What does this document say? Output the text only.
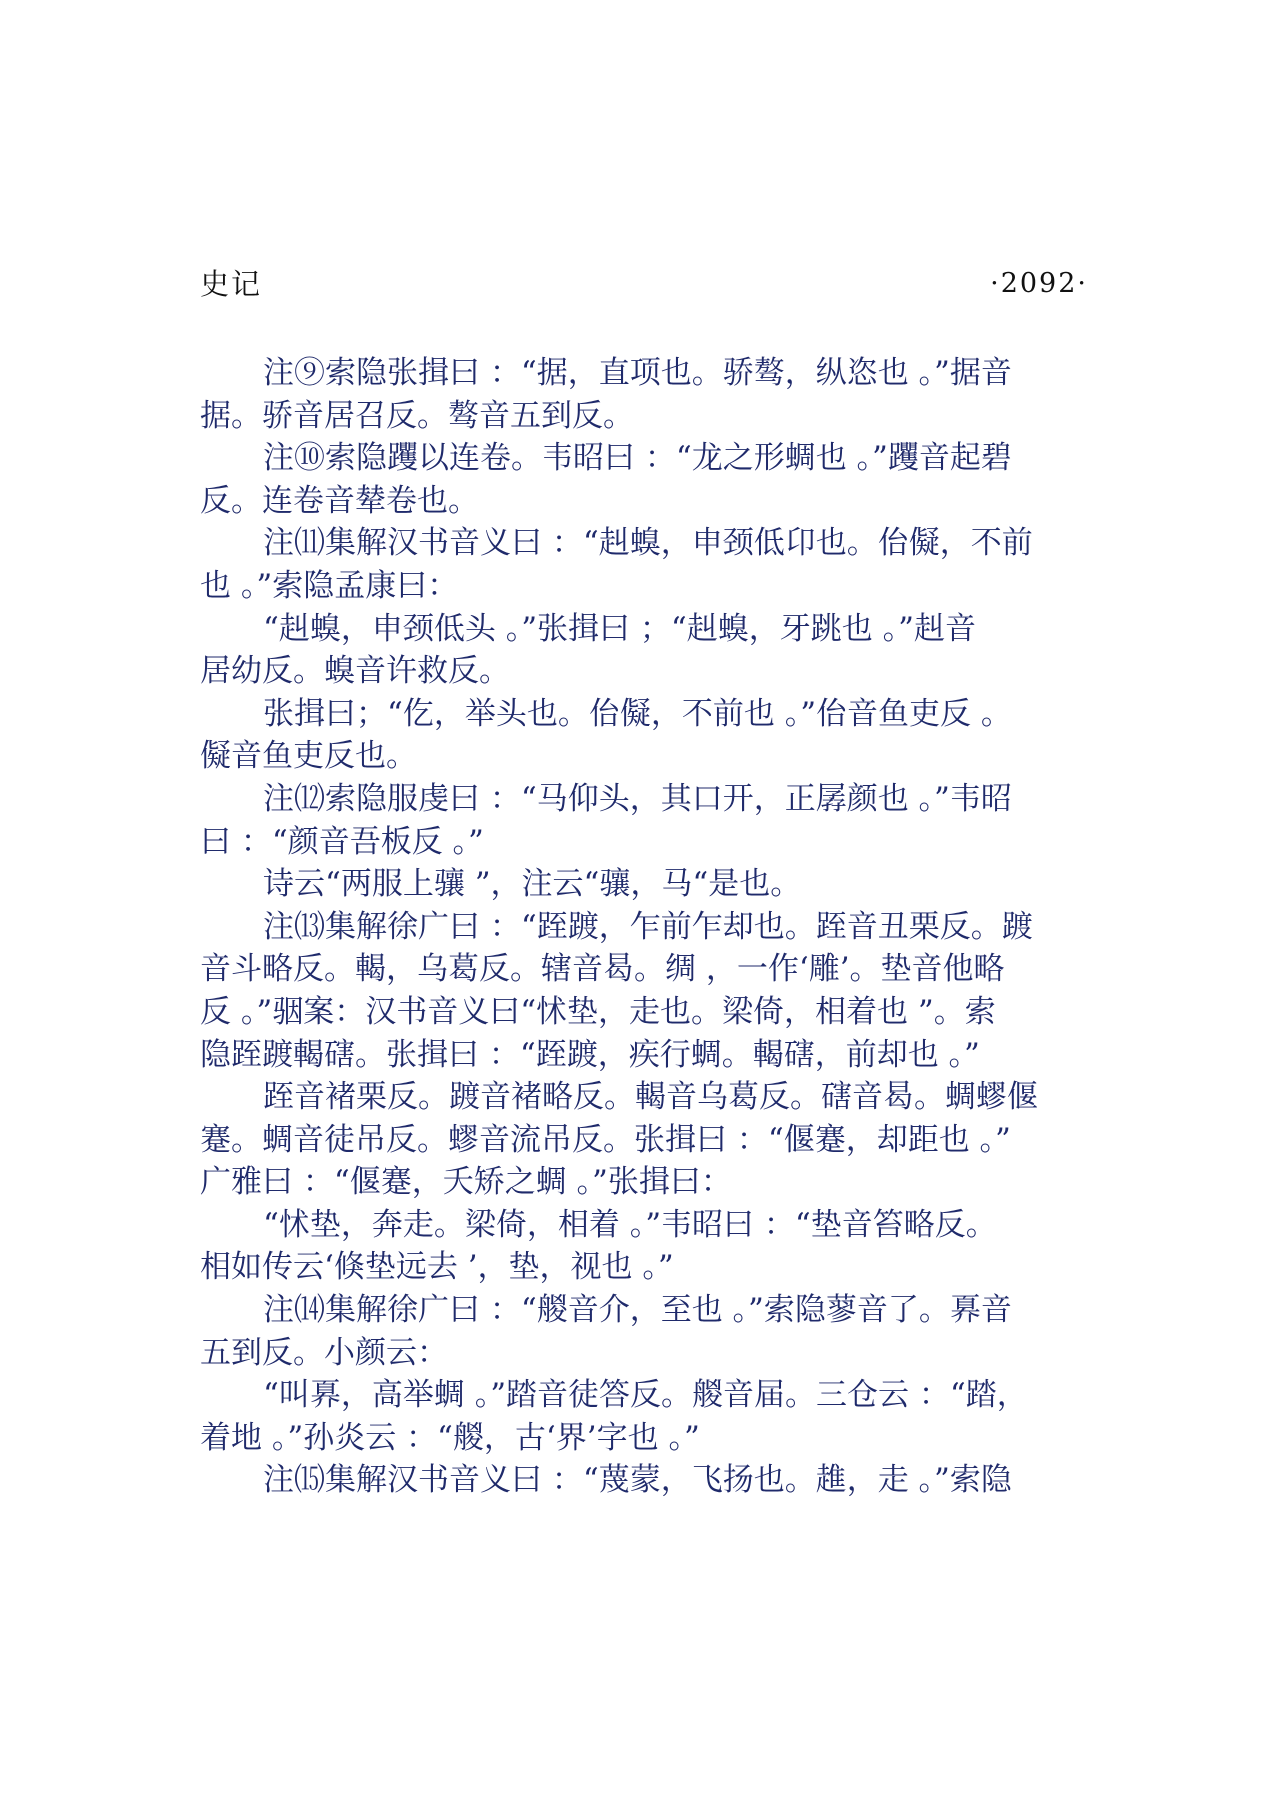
史记	·2092·

注⑨索隐张揖曰 ：“据，直项也。骄骜，纵恣也 。”据音

据。骄音居召反。骜音五到反。

注⑩索隐躩以连卷。韦昭曰 ：“龙之形蜩也 。”躩音起碧

反。连卷音辇卷也。

注⑾集解汉书音义曰 ：“赳螑，申颈低卬也。佁儗，不前

也 。”索隐孟康曰：

“赳螑，申颈低头 。”张揖曰 ；“赳螑，牙跳也 。”赳音

居幼反。螑音许救反。

张揖曰；“仡，举头也。佁儗，不前也 。”佁音鱼吏反 。

儗音鱼吏反也。

注⑿索隐服虔曰 ：“马仰头，其口开，正孱颜也 。”韦昭

曰 ：“颜音吾板反 。”

诗云“两服上骧 ”，注云“骧，马“是也。

注⒀集解徐广曰 ：“跮踱，乍前乍却也。跮音丑栗反。踱

音斗略反。輵，乌葛反。辖音曷。绸 ，一作‘雕’。垫音他略

反 。”骃案：汉书音义曰“怵垫，走也。梁倚，相着也 ”。索

隐跮踱輵磍。张揖曰 ：“跮踱，疾行蜩。輵磍，前却也 。”

跮音褚栗反。踱音褚略反。輵音乌葛反。磍音曷。蜩蟉偃

蹇。蜩音徒吊反。蟉音流吊反。张揖曰 ：“偃蹇，却距也 。”

广雅曰 ：“偃蹇，夭矫之蜩 。”张揖曰：

“怵垫，奔走。梁倚，相着 。”韦昭曰 ：“垫音笞略反。

相如传云‘倏垫远去 ’，垫，视也 。”

注⒁集解徐广曰 ：“艐音介，至也 。”索隐蓼音了。奡音

五到反。小颜云：

“叫奡，高举蜩 。”踏音徒答反。艐音届。三仓云 ：“踏，

着地 。”孙炎云 ：“艐，古‘界’字也 。”

注⒂集解汉书音义曰 ：“蔑蒙，飞扬也。趡，走 。”索隐
